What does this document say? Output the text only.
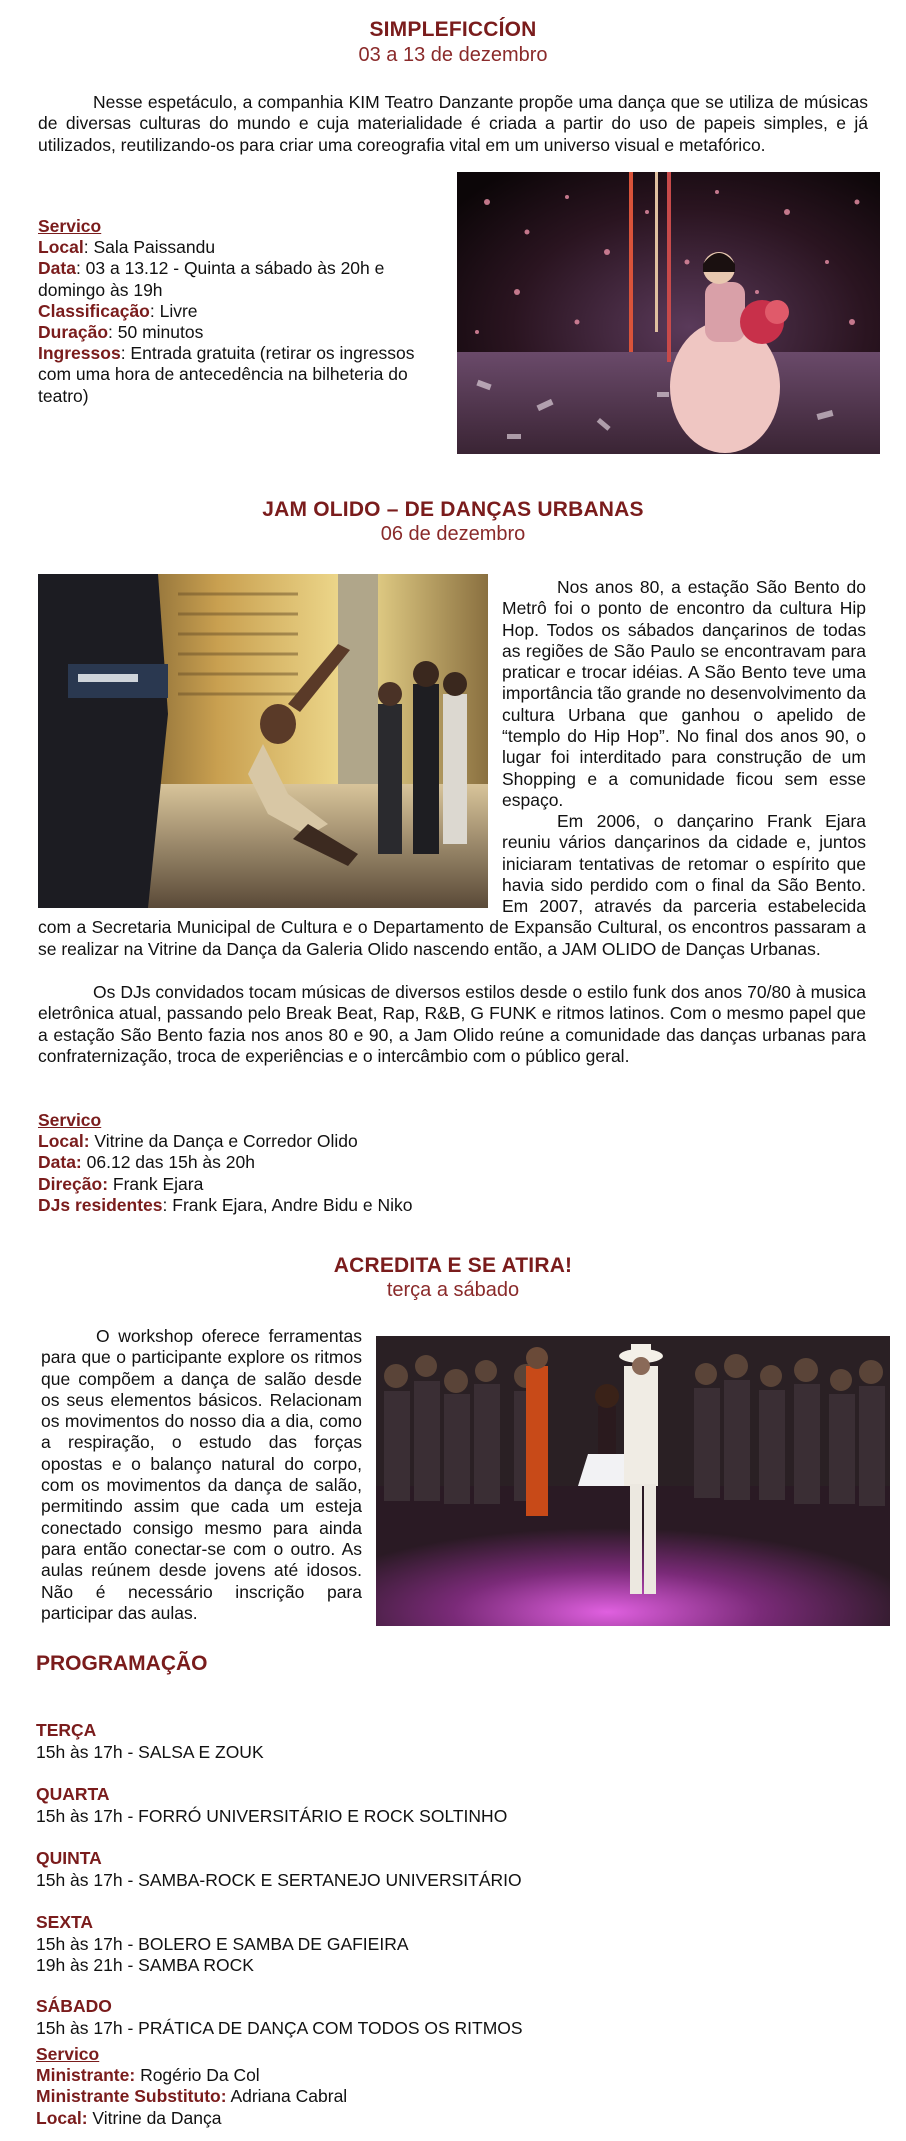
SIMPLEFICCÍON
03 a 13 de dezembro

Nesse espetáculo, a companhia KIM Teatro Danzante propõe uma dança que se utiliza de músicas de diversas culturas do mundo e cuja materialidade é criada a partir do uso de papeis simples, e já utilizados, reutilizando-os para criar uma coreografia vital em um universo visual e metafórico.

Servico
Local: Sala Paissandu
Data: 03 a 13.12 - Quinta a sábado às 20h e domingo às 19h
Classificação: Livre
Duração: 50 minutos
Ingressos: Entrada gratuita (retirar os ingressos com uma hora de antecedência na bilheteria do teatro)
JAM OLIDO – DE DANÇAS URBANAS
06 de dezembro

Nos anos 80, a estação São Bento do Metrô foi o ponto de encontro da cultura Hip Hop. Todos os sábados dançarinos de todas as regiões de São Paulo se encontravam para praticar e trocar idéias. A São Bento teve uma importância tão grande no desenvolvimento da cultura Urbana que ganhou o apelido de “templo do Hip Hop”. No final dos anos 90, o lugar foi interditado para construção de um Shopping e a comunidade ficou sem esse espaço.

Em 2006, o dançarino Frank Ejara reuniu vários dançarinos da cidade e, juntos iniciaram tentativas de retomar o espírito que havia sido perdido com o final da São Bento. Em 2007, através da parceria estabelecida com a Secretaria Municipal de Cultura e o Departamento de Expansão Cultural, os encontros passaram a se realizar na Vitrine da Dança da Galeria Olido nascendo então, a JAM OLIDO de Danças Urbanas.

Os DJs convidados tocam músicas de diversos estilos desde o estilo funk dos anos 70/80 à musica eletrônica atual, passando pelo Break Beat, Rap, R&B, G FUNK e ritmos latinos. Com o mesmo papel que a estação São Bento fazia nos anos 80 e 90, a Jam Olido reúne a comunidade das danças urbanas para confraternização, troca de experiências e o intercâmbio com o público geral.

Servico
Local: Vitrine da Dança e Corredor Olido
Data: 06.12 das 15h às 20h
Direção: Frank Ejara
DJs residentes: Frank Ejara, Andre Bidu e Niko
ACREDITA E SE ATIRA!
terça a sábado

O workshop oferece ferramentas para que o participante explore os ritmos que compõem a dança de salão desde os seus elementos básicos. Relacionam os movimentos do nosso dia a dia, como a respiração, o estudo das forças opostas e o balanço natural do corpo, com os movimentos da dança de salão, permitindo assim que cada um esteja conectado consigo mesmo para ainda para então conectar-se com o outro. As aulas reúnem desde jovens até idosos. Não é necessário inscrição para participar das aulas.

PROGRAMAÇÃO
TERÇA
15h às 17h - SALSA E ZOUK
QUARTA
15h às 17h - FORRÓ UNIVERSITÁRIO E ROCK SOLTINHO
QUINTA
15h às 17h - SAMBA-ROCK E SERTANEJO UNIVERSITÁRIO
SEXTA
15h às 17h - BOLERO E SAMBA DE GAFIEIRA
19h às 21h - SAMBA ROCK
SÁBADO
15h às 17h - PRÁTICA DE DANÇA COM TODOS OS RITMOS
Servico
Ministrante: Rogério Da Col
Ministrante Substituto: Adriana Cabral
Local: Vitrine da Dança
